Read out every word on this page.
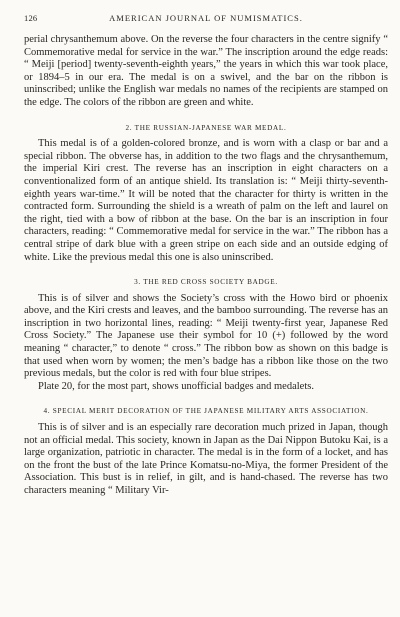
126	AMERICAN JOURNAL OF NUMISMATICS.

perial chrysanthemum above. On the reverse the four characters in the centre signify “ Commemorative medal for service in the war.” The inscription around the edge reads: “ Meiji [period] twenty-seventh-eighth years,” the years in which this war took place, or 1894–5 in our era. The medal is on a swivel, and the bar on the ribbon is uninscribed; unlike the English war medals no names of the recipients are stamped on the edge. The colors of the ribbon are green and white.

2. THE RUSSIAN-JAPANESE WAR MEDAL.

This medal is of a golden-colored bronze, and is worn with a clasp or bar and a special ribbon. The obverse has, in addition to the two flags and the chrysanthemum, the imperial Kiri crest. The reverse has an inscription in eight characters on a conventionalized form of an antique shield. Its translation is: “ Meiji thirty-seventh-eighth years war-time.” It will be noted that the character for thirty is written in the contracted form. Surrounding the shield is a wreath of palm on the left and laurel on the right, tied with a bow of ribbon at the base. On the bar is an inscription in four characters, reading: “ Commemorative medal for service in the war.” The ribbon has a central stripe of dark blue with a green stripe on each side and an outside edging of white. Like the previous medal this one is also uninscribed.

3. THE RED CROSS SOCIETY BADGE.

This is of silver and shows the Society’s cross with the Howo bird or phoenix above, and the Kiri crests and leaves, and the bamboo surrounding. The reverse has an inscription in two horizontal lines, reading: “ Meiji twenty-first year, Japanese Red Cross Society.” The Japanese use their symbol for 10 (+) followed by the word meaning “ character,” to denote “ cross.” The ribbon bow as shown on this badge is that used when worn by women; the men’s badge has a ribbon like those on the two previous medals, but the color is red with four blue stripes.

Plate 20, for the most part, shows unofficial badges and medalets.

4. SPECIAL MERIT DECORATION OF THE JAPANESE MILITARY ARTS ASSOCIATION.

This is of silver and is an especially rare decoration much prized in Japan, though not an official medal. This society, known in Japan as the Dai Nippon Butoku Kai, is a large organization, patriotic in character. The medal is in the form of a locket, and has on the front the bust of the late Prince Komatsu-no-Miya, the former President of the Association. This bust is in relief, in gilt, and is hand-chased. The reverse has two characters meaning “ Military Vir-
